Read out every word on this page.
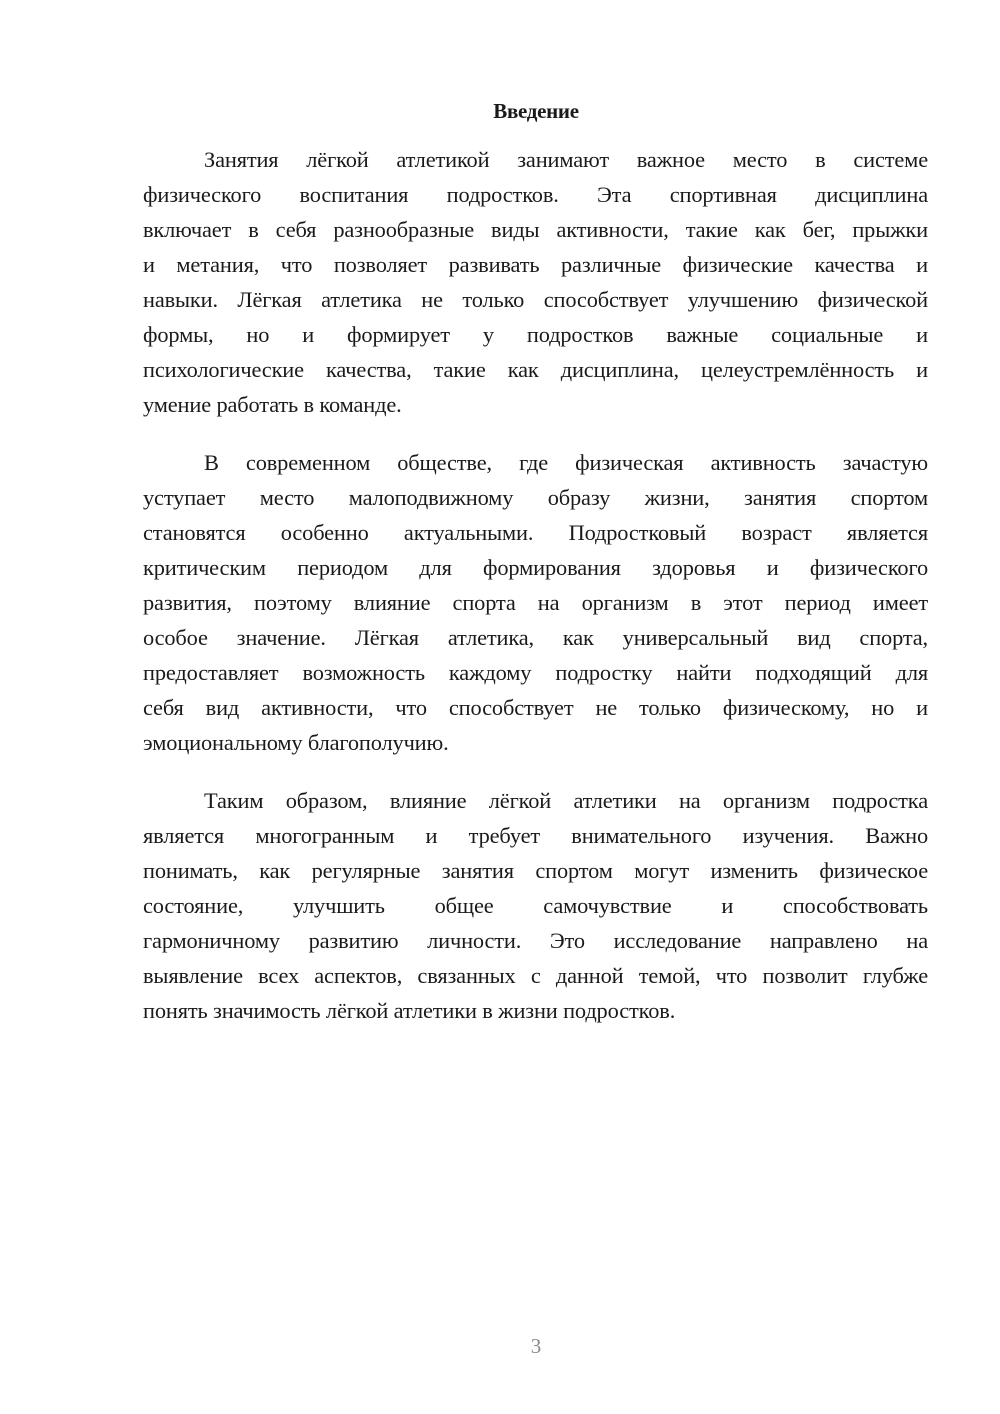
Введение
Занятия лёгкой атлетикой занимают важное место в системе
физического воспитания подростков. Эта спортивная дисциплина
включает в себя разнообразные виды активности, такие как бег, прыжки
и метания, что позволяет развивать различные физические качества и
навыки. Лёгкая атлетика не только способствует улучшению физической
формы, но и формирует у подростков важные социальные и
психологические качества, такие как дисциплина, целеустремлённость и
умение работать в команде.
В современном обществе, где физическая активность зачастую
уступает место малоподвижному образу жизни, занятия спортом
становятся особенно актуальными. Подростковый возраст является
критическим периодом для формирования здоровья и физического
развития, поэтому влияние спорта на организм в этот период имеет
особое значение. Лёгкая атлетика, как универсальный вид спорта,
предоставляет возможность каждому подростку найти подходящий для
себя вид активности, что способствует не только физическому, но и
эмоциональному благополучию.
Таким образом, влияние лёгкой атлетики на организм подростка
является многогранным и требует внимательного изучения. Важно
понимать, как регулярные занятия спортом могут изменить физическое
состояние, улучшить общее самочувствие и способствовать
гармоничному развитию личности. Это исследование направлено на
выявление всех аспектов, связанных с данной темой, что позволит глубже
понять значимость лёгкой атлетики в жизни подростков.
3
